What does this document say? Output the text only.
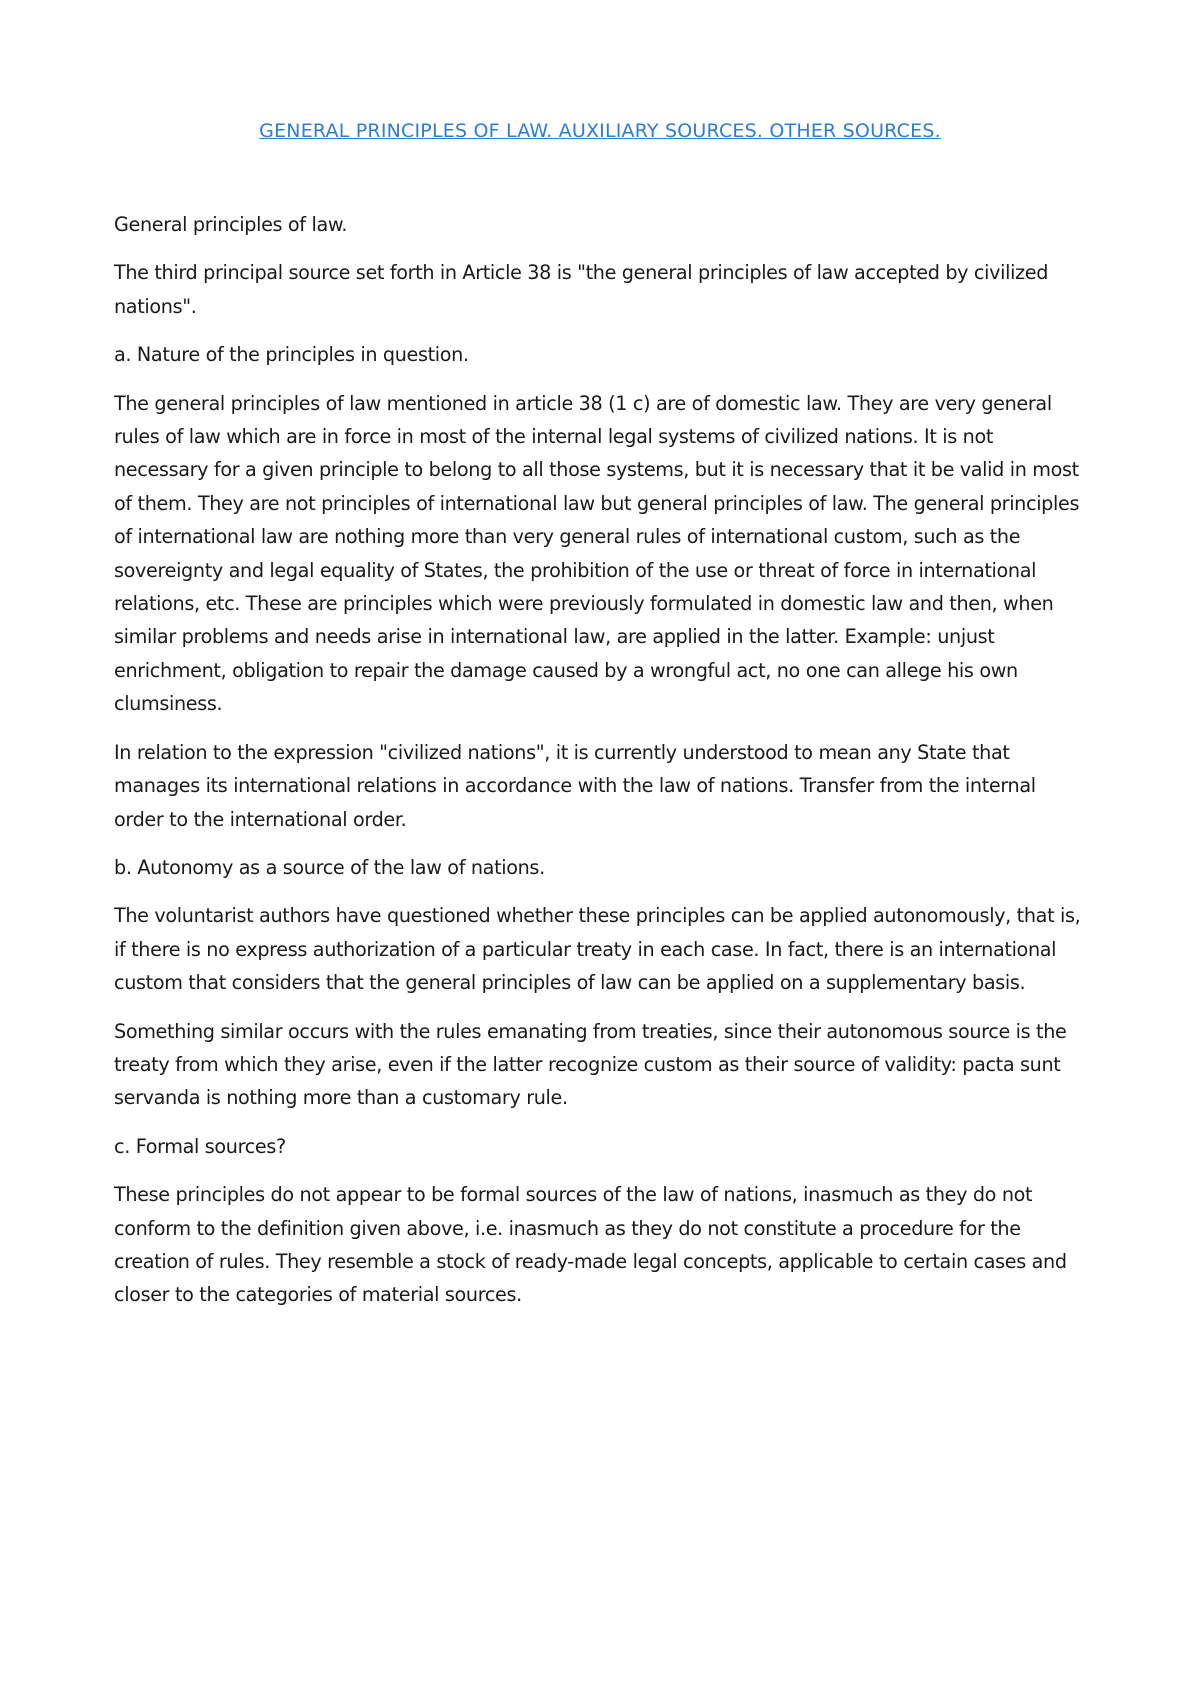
GENERAL PRINCIPLES OF LAW. AUXILIARY SOURCES. OTHER SOURCES.

General principles of law.

The third principal source set forth in Article 38 is "the general principles of law accepted by civilized nations".

a. Nature of the principles in question.

The general principles of law mentioned in article 38 (1 c) are of domestic law. They are very general rules of law which are in force in most of the internal legal systems of civilized nations. It is not necessary for a given principle to belong to all those systems, but it is necessary that it be valid in most of them. They are not principles of international law but general principles of law. The general principles of international law are nothing more than very general rules of international custom, such as the sovereignty and legal equality of States, the prohibition of the use or threat of force in international relations, etc. These are principles which were previously formulated in domestic law and then, when similar problems and needs arise in international law, are applied in the latter. Example: unjust enrichment, obligation to repair the damage caused by a wrongful act, no one can allege his own clumsiness.

In relation to the expression "civilized nations", it is currently understood to mean any State that manages its international relations in accordance with the law of nations. Transfer from the internal order to the international order.

b. Autonomy as a source of the law of nations.

The voluntarist authors have questioned whether these principles can be applied autonomously, that is, if there is no express authorization of a particular treaty in each case. In fact, there is an international custom that considers that the general principles of law can be applied on a supplementary basis.

Something similar occurs with the rules emanating from treaties, since their autonomous source is the treaty from which they arise, even if the latter recognize custom as their source of validity: pacta sunt servanda is nothing more than a customary rule.

c. Formal sources?

These principles do not appear to be formal sources of the law of nations, inasmuch as they do not conform to the definition given above, i.e. inasmuch as they do not constitute a procedure for the creation of rules. They resemble a stock of ready-made legal concepts, applicable to certain cases and closer to the categories of material sources.
